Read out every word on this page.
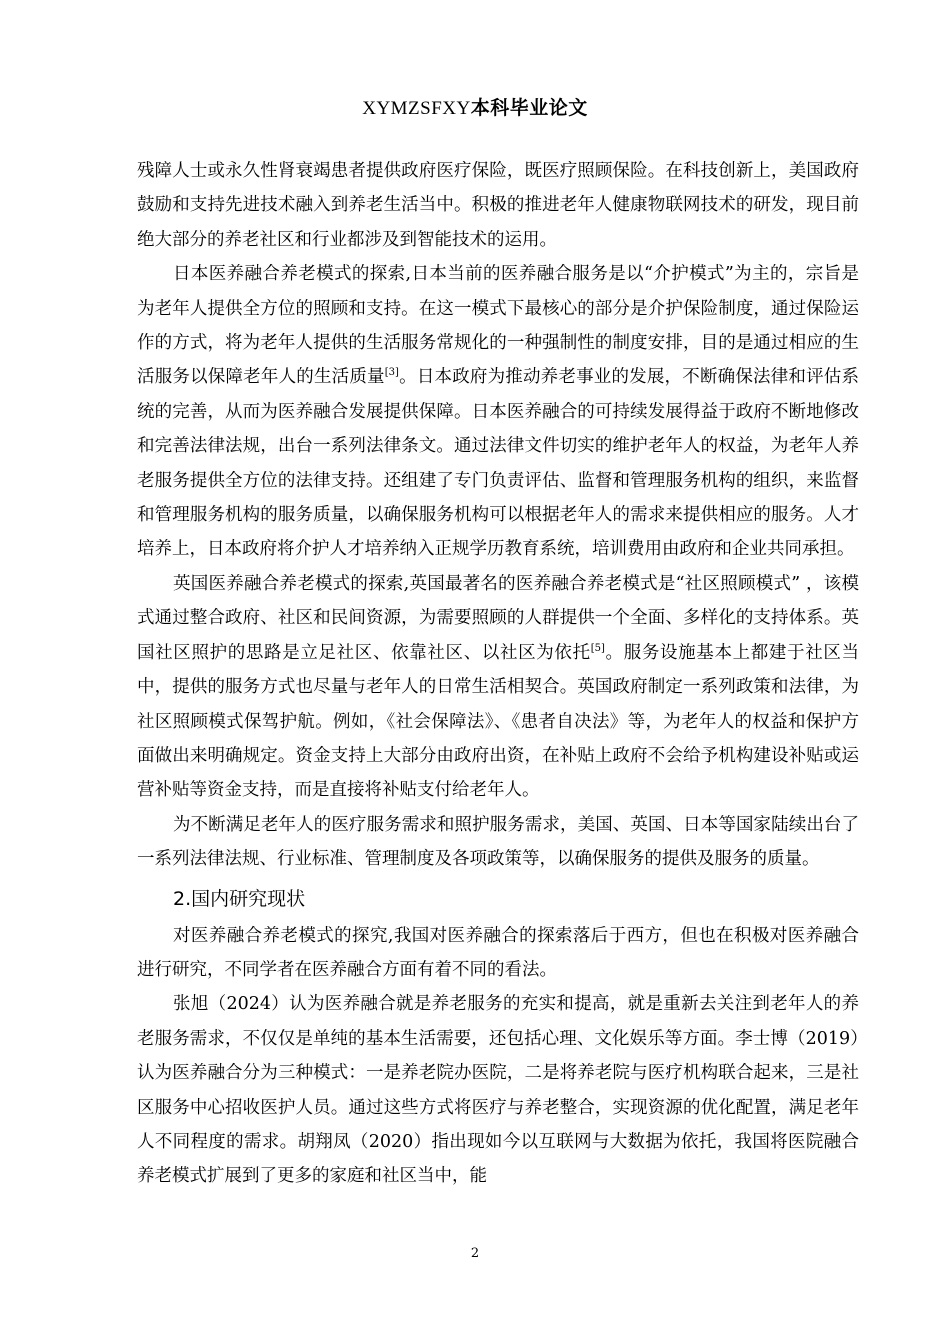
XYMZSFXY本科毕业论文

残障人士或永久性肾衰竭患者提供政府医疗保险，既医疗照顾保险。在科技创新上，美国政府鼓励和支持先进技术融入到养老生活当中。积极的推进老年人健康物联网技术的研发，现目前绝大部分的养老社区和行业都涉及到智能技术的运用。

日本医养融合养老模式的探索,日本当前的医养融合服务是以“介护模式”为主的，宗旨是为老年人提供全方位的照顾和支持。在这一模式下最核心的部分是介护保险制度，通过保险运作的方式，将为老年人提供的生活服务常规化的一种强制性的制度安排，目的是通过相应的生活服务以保障老年人的生活质量[3]。日本政府为推动养老事业的发展，不断确保法律和评估系统的完善，从而为医养融合发展提供保障。日本医养融合的可持续发展得益于政府不断地修改和完善法律法规，出台一系列法律条文。通过法律文件切实的维护老年人的权益，为老年人养老服务提供全方位的法律支持。还组建了专门负责评估、监督和管理服务机构的组织，来监督和管理服务机构的服务质量，以确保服务机构可以根据老年人的需求来提供相应的服务。人才培养上，日本政府将介护人才培养纳入正规学历教育系统，培训费用由政府和企业共同承担。

英国医养融合养老模式的探索,英国最著名的医养融合养老模式是“社区照顾模式” ，该模式通过整合政府、社区和民间资源，为需要照顾的人群提供一个全面、多样化的支持体系。英国社区照护的思路是立足社区、依靠社区、以社区为依托[5]。服务设施基本上都建于社区当中，提供的服务方式也尽量与老年人的日常生活相契合。英国政府制定一系列政策和法律，为社区照顾模式保驾护航。例如，《社会保障法》、《患者自决法》等，为老年人的权益和保护方面做出来明确规定。资金支持上大部分由政府出资，在补贴上政府不会给予机构建设补贴或运营补贴等资金支持，而是直接将补贴支付给老年人。

为不断满足老年人的医疗服务需求和照护服务需求，美国、英国、日本等国家陆续出台了一系列法律法规、行业标准、管理制度及各项政策等，以确保服务的提供及服务的质量。

2.国内研究现状

对医养融合养老模式的探究,我国对医养融合的探索落后于西方，但也在积极对医养融合进行研究，不同学者在医养融合方面有着不同的看法。

张旭（2024）认为医养融合就是养老服务的充实和提高，就是重新去关注到老年人的养老服务需求，不仅仅是单纯的基本生活需要，还包括心理、文化娱乐等方面。李士博（2019）认为医养融合分为三种模式：一是养老院办医院，二是将养老院与医疗机构联合起来，三是社区服务中心招收医护人员。通过这些方式将医疗与养老整合，实现资源的优化配置，满足老年人不同程度的需求。胡翔凤（2020）指出现如今以互联网与大数据为依托，我国将医院融合养老模式扩展到了更多的家庭和社区当中，能

2
